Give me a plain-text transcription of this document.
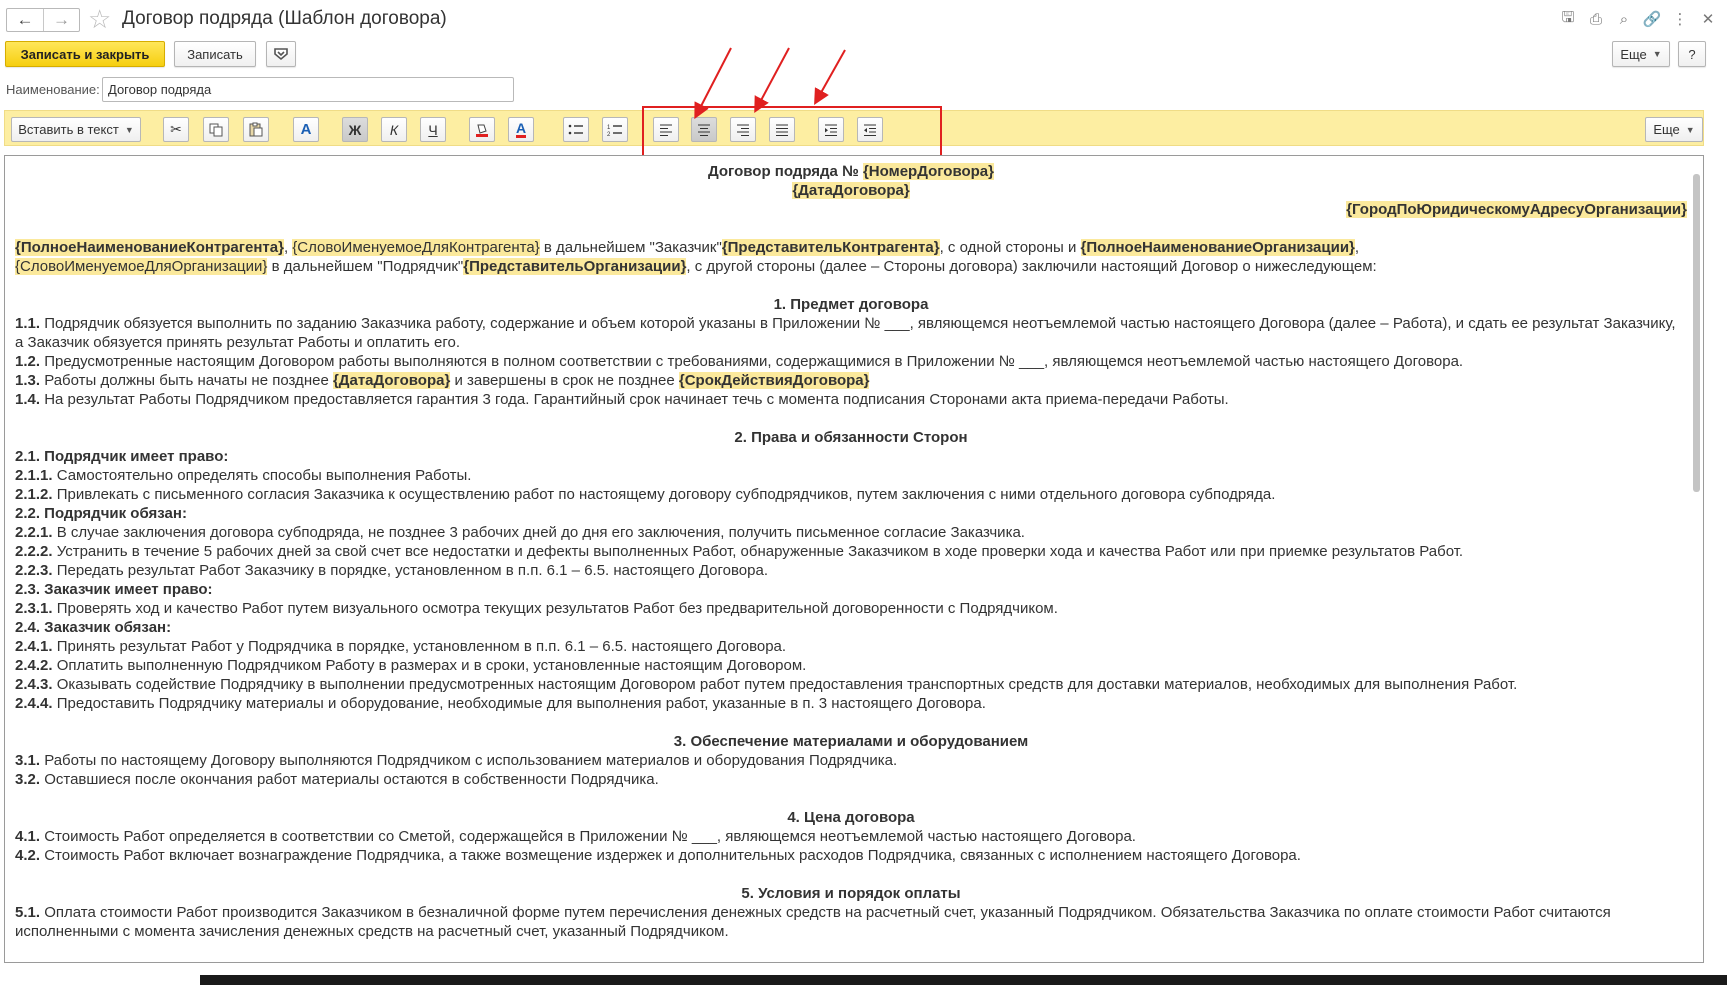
←	→ ☆ Договор подряда (Шаблон договора)	🖫	⎙	⌕ 🔗 ⋮ ✕
Записать и закрыть	Записать	Еще ▼	?
Наименование:
Договор подряда
Вставить в текст ▼	✂	A	Ж	К	Ч	A	1
2	Еще ▼

Договор подряда № {НомерДоговора}

{ДатаДоговора}

{ГородПоЮридическомуАдресуОрганизации}

{ПолноеНаименованиеКонтрагента}, {СловоИменуемоеДляКонтрагента} в дальнейшем "Заказчик"{ПредставительКонтрагента}, с одной стороны и {ПолноеНаименованиеОрганизации},
{СловоИменуемоеДляОрганизации} в дальнейшем "Подрядчик"{ПредставительОрганизации}, с другой стороны (далее – Стороны договора) заключили настоящий Договор о нижеследующем:

1. Предмет договора

1.1. Подрядчик обязуется выполнить по заданию Заказчика работу, содержание и объем которой указаны в Приложении № ___, являющемся неотъемлемой частью настоящего Договора (далее – Работа), и сдать ее результат Заказчику, а Заказчик обязуется принять результат Работы и оплатить его.

1.2. Предусмотренные настоящим Договором работы выполняются в полном соответствии с требованиями, содержащимися в Приложении № ___, являющемся неотъемлемой частью настоящего Договора.

1.3. Работы должны быть начаты не позднее {ДатаДоговора} и завершены в срок не позднее {СрокДействияДоговора}

1.4. На результат Работы Подрядчиком предоставляется гарантия 3 года. Гарантийный срок начинает течь с момента подписания Сторонами акта приема-передачи Работы.

2. Права и обязанности Сторон

2.1. Подрядчик имеет право:

2.1.1. Самостоятельно определять способы выполнения Работы.

2.1.2. Привлекать с письменного согласия Заказчика к осуществлению работ по настоящему договору субподрядчиков, путем заключения с ними отдельного договора субподряда.

2.2. Подрядчик обязан:

2.2.1. В случае заключения договора субподряда, не позднее 3 рабочих дней до дня его заключения, получить письменное согласие Заказчика.

2.2.2. Устранить в течение 5 рабочих дней за свой счет все недостатки и дефекты выполненных Работ, обнаруженные Заказчиком в ходе проверки хода и качества Работ или при приемке результатов Работ.

2.2.3. Передать результат Работ Заказчику в порядке, установленном в п.п. 6.1 – 6.5. настоящего Договора.

2.3. Заказчик имеет право:

2.3.1. Проверять ход и качество Работ путем визуального осмотра текущих результатов Работ без предварительной договоренности с Подрядчиком.

2.4. Заказчик обязан:

2.4.1. Принять результат Работ у Подрядчика в порядке, установленном в п.п. 6.1 – 6.5. настоящего Договора.

2.4.2. Оплатить выполненную Подрядчиком Работу в размерах и в сроки, установленные настоящим Договором.

2.4.3. Оказывать содействие Подрядчику в выполнении предусмотренных настоящим Договором работ путем предоставления транспортных средств для доставки материалов, необходимых для выполнения Работ.

2.4.4. Предоставить Подрядчику материалы и оборудование, необходимые для выполнения работ, указанные в п. 3 настоящего Договора.

3. Обеспечение материалами и оборудованием

3.1. Работы по настоящему Договору выполняются Подрядчиком с использованием материалов и оборудования Подрядчика.

3.2. Оставшиеся после окончания работ материалы остаются в собственности Подрядчика.

4. Цена договора

4.1. Стоимость Работ определяется в соответствии со Сметой, содержащейся в Приложении № ___, являющемся неотъемлемой частью настоящего Договора.

4.2. Стоимость Работ включает вознаграждение Подрядчика, а также возмещение издержек и дополнительных расходов Подрядчика, связанных с исполнением настоящего Договора.

5. Условия и порядок оплаты

5.1. Оплата стоимости Работ производится Заказчиком в безналичной форме путем перечисления денежных средств на расчетный счет, указанный Подрядчиком. Обязательства Заказчика по оплате стоимости Работ считаются исполненными с момента зачисления денежных средств на расчетный счет, указанный Подрядчиком.
